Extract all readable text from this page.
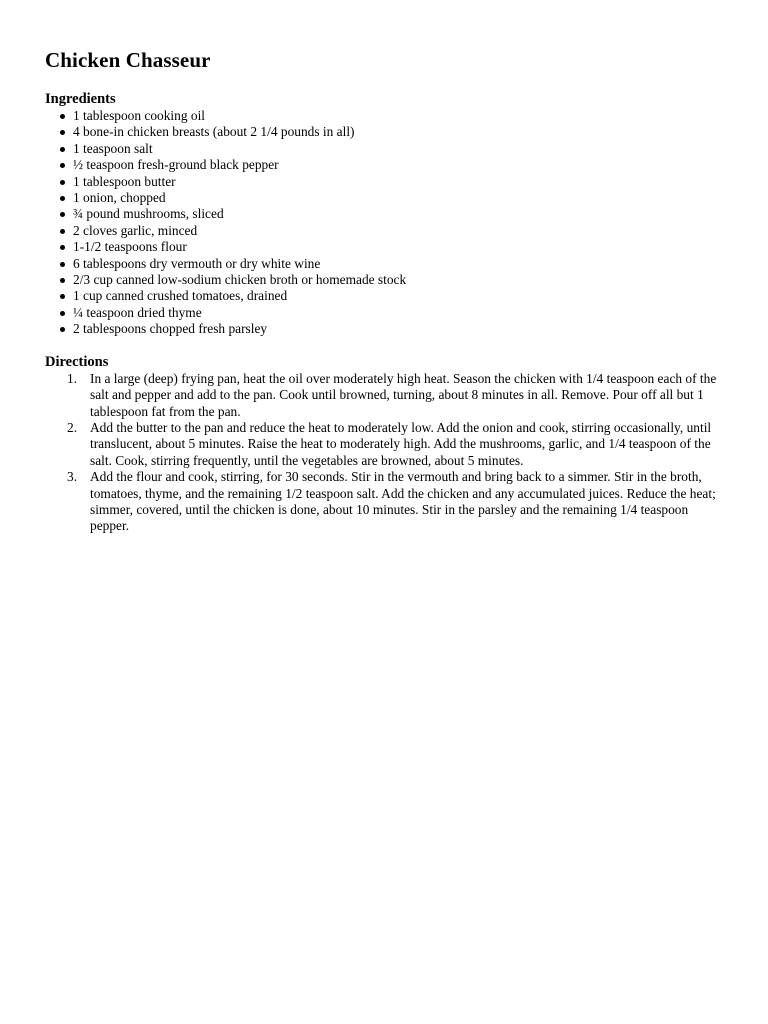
Chicken Chasseur
Ingredients
1 tablespoon cooking oil
4 bone-in chicken breasts (about 2 1/4 pounds in all)
1 teaspoon salt
½ teaspoon fresh-ground black pepper
1 tablespoon butter
1 onion, chopped
¾ pound mushrooms, sliced
2 cloves garlic, minced
1-1/2 teaspoons flour
6 tablespoons dry vermouth or dry white wine
2/3 cup canned low-sodium chicken broth or homemade stock
1 cup canned crushed tomatoes, drained
¼ teaspoon dried thyme
2 tablespoons chopped fresh parsley
Directions
1. In a large (deep) frying pan, heat the oil over moderately high heat. Season the chicken with 1/4 teaspoon each of the salt and pepper and add to the pan. Cook until browned, turning, about 8 minutes in all. Remove. Pour off all but 1 tablespoon fat from the pan.
2. Add the butter to the pan and reduce the heat to moderately low. Add the onion and cook, stirring occasionally, until translucent, about 5 minutes. Raise the heat to moderately high. Add the mushrooms, garlic, and 1/4 teaspoon of the salt. Cook, stirring frequently, until the vegetables are browned, about 5 minutes.
3. Add the flour and cook, stirring, for 30 seconds. Stir in the vermouth and bring back to a simmer. Stir in the broth, tomatoes, thyme, and the remaining 1/2 teaspoon salt. Add the chicken and any accumulated juices. Reduce the heat; simmer, covered, until the chicken is done, about 10 minutes. Stir in the parsley and the remaining 1/4 teaspoon pepper.
